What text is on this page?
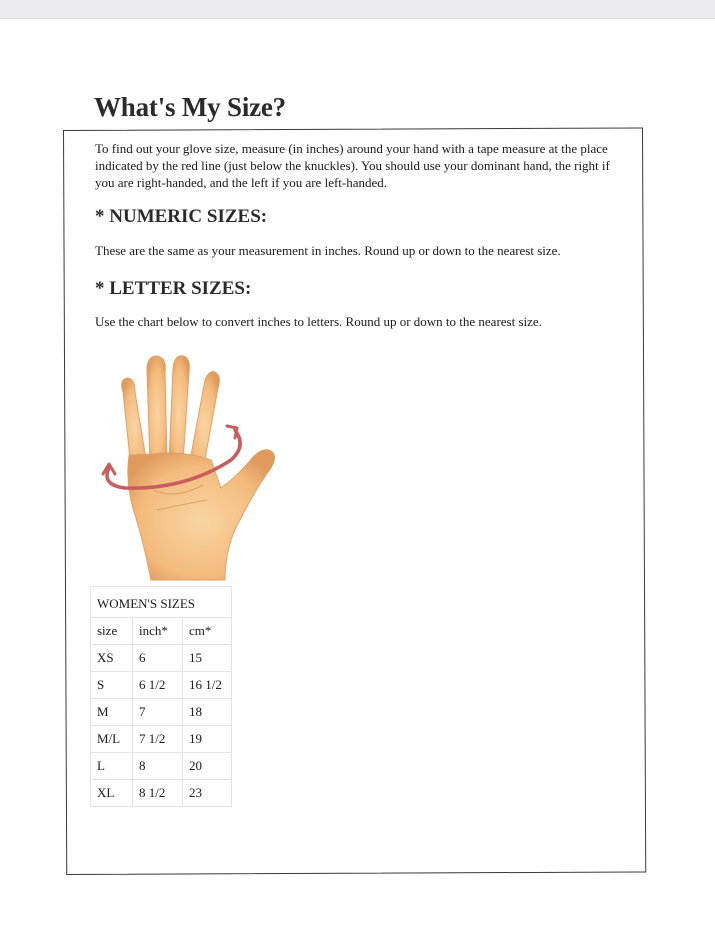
What's My Size?

To find out your glove size, measure (in inches) around your hand with a tape measure at the place indicated by the red line (just below the knuckles). You should use your dominant hand, the right if you are right-handed, and the left if you are left-handed.

* NUMERIC SIZES:

These are the same as your measurement in inches. Round up or down to the nearest size.

* LETTER SIZES:

Use the chart below to convert inches to letters. Round up or down to the nearest size.

WOMEN'S SIZES		
size	inch*	cm*
XS	6	15
S	6 1/2	16 1/2
M	7	18
M/L	7 1/2	19
L	8	20
XL	8 1/2	23
